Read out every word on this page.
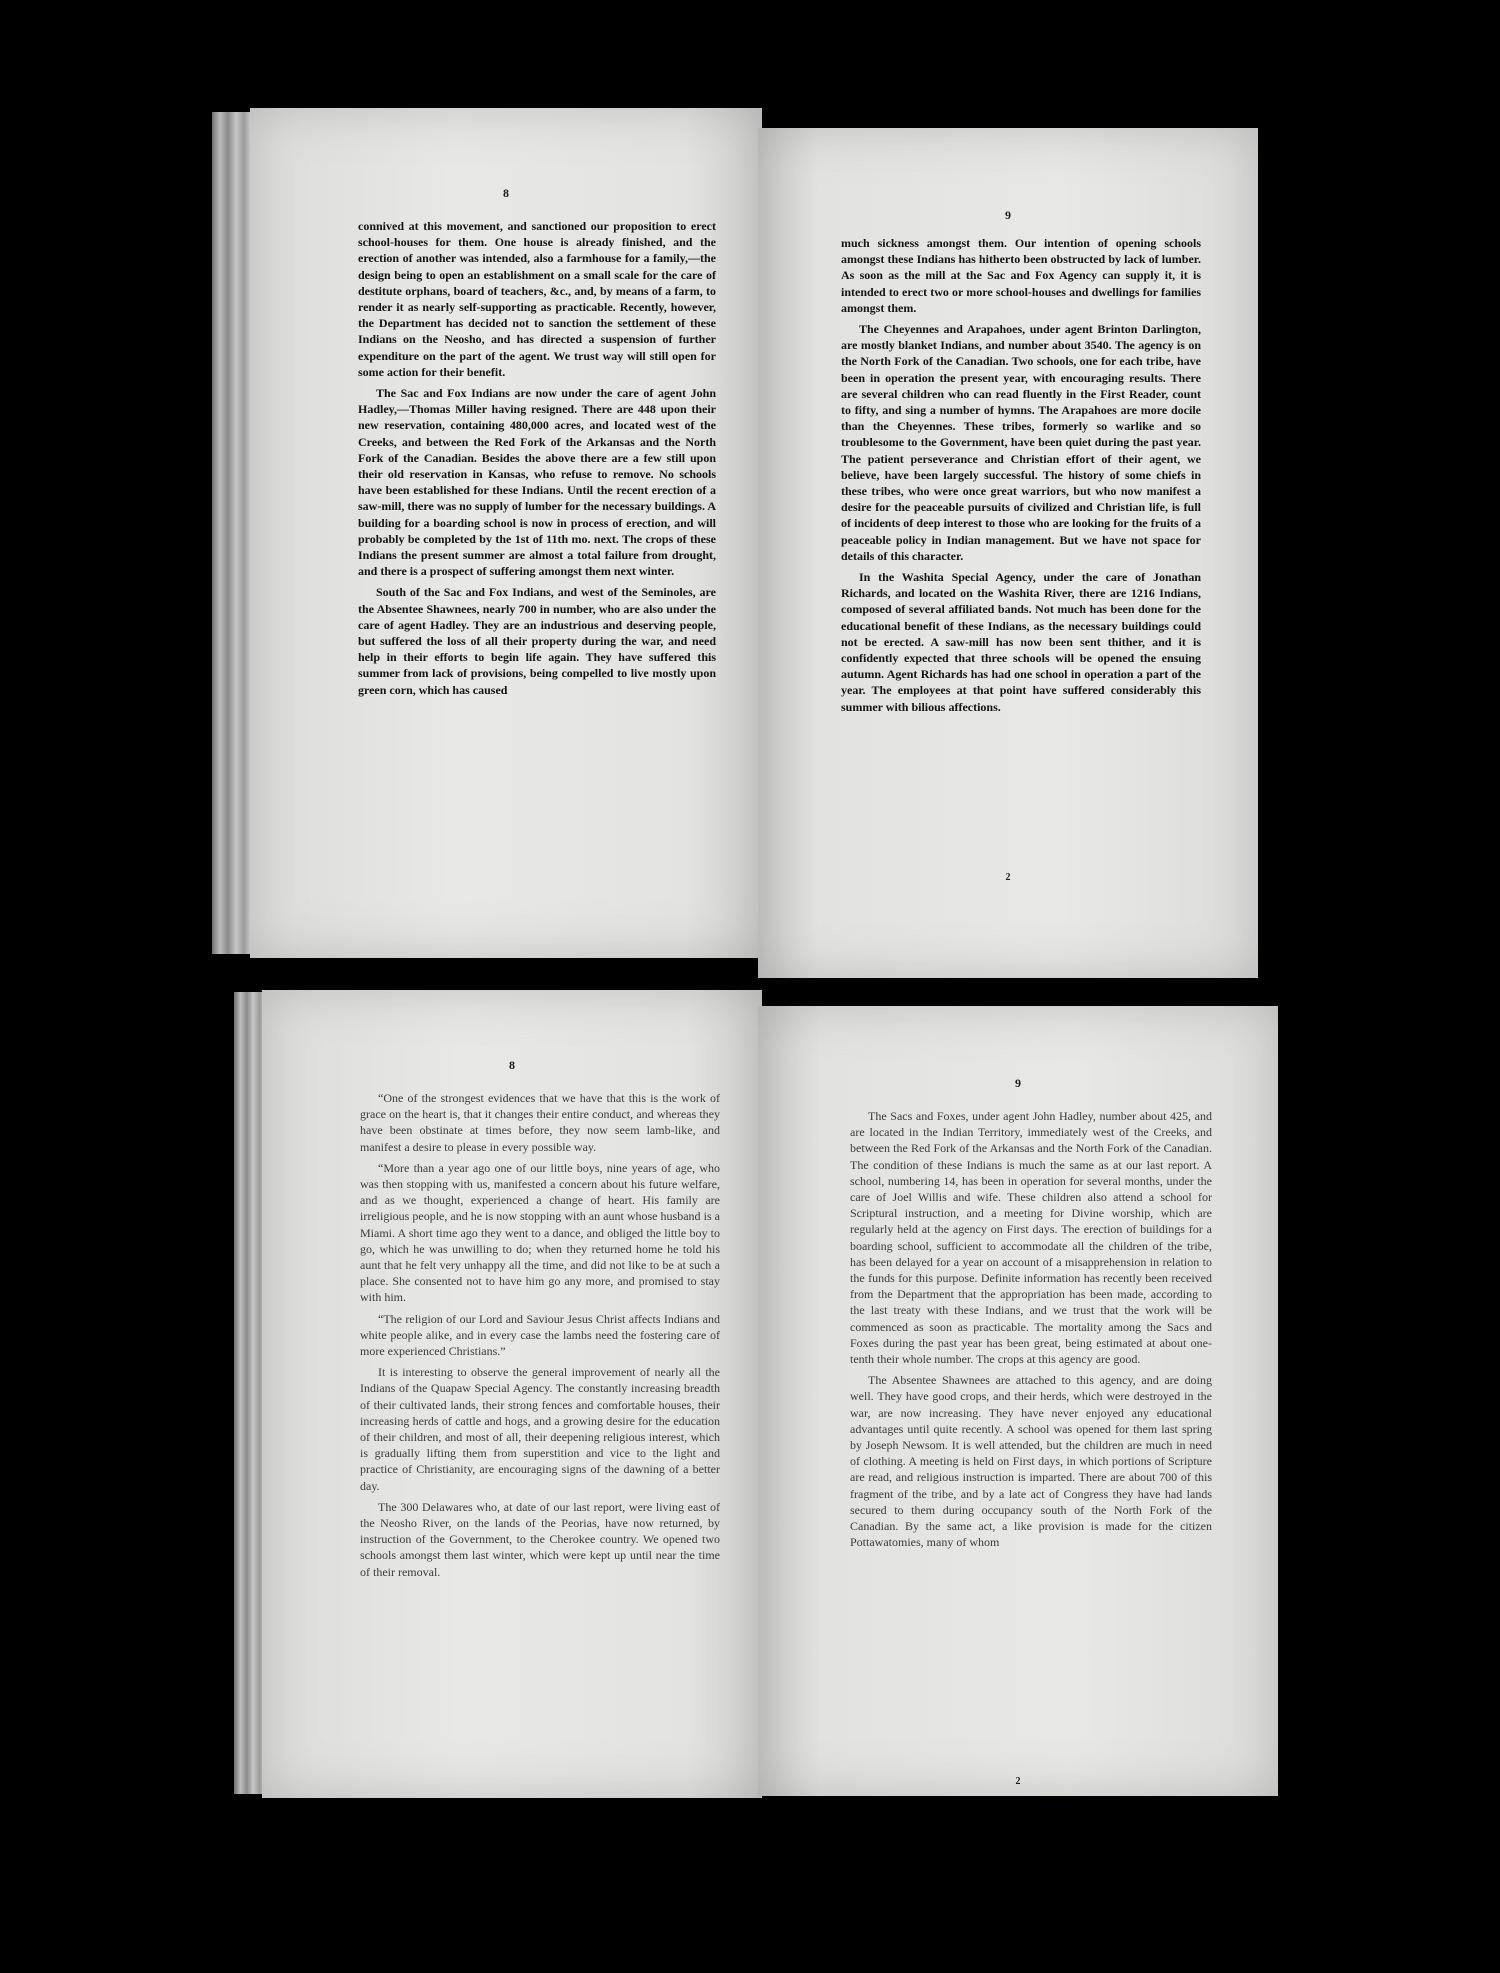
8

connived at this movement, and sanctioned our proposition to erect school-houses for them. One house is already finished, and the erection of another was intended, also a farmhouse for a family,—the design being to open an establishment on a small scale for the care of destitute orphans, board of teachers, &c., and, by means of a farm, to render it as nearly self-supporting as practicable. Recently, however, the Department has decided not to sanction the settlement of these Indians on the Neosho, and has directed a suspension of further expenditure on the part of the agent. We trust way will still open for some action for their benefit.

The Sac and Fox Indians are now under the care of agent John Hadley,—Thomas Miller having resigned. There are 448 upon their new reservation, containing 480,000 acres, and located west of the Creeks, and between the Red Fork of the Arkansas and the North Fork of the Canadian. Besides the above there are a few still upon their old reservation in Kansas, who refuse to remove. No schools have been established for these Indians. Until the recent erection of a saw-mill, there was no supply of lumber for the necessary buildings. A building for a boarding school is now in process of erection, and will probably be completed by the 1st of 11th mo. next. The crops of these Indians the present summer are almost a total failure from drought, and there is a prospect of suffering amongst them next winter.

South of the Sac and Fox Indians, and west of the Seminoles, are the Absentee Shawnees, nearly 700 in number, who are also under the care of agent Hadley. They are an industrious and deserving people, but suffered the loss of all their property during the war, and need help in their efforts to begin life again. They have suffered this summer from lack of provisions, being compelled to live mostly upon green corn, which has caused

9

much sickness amongst them. Our intention of opening schools amongst these Indians has hitherto been obstructed by lack of lumber. As soon as the mill at the Sac and Fox Agency can supply it, it is intended to erect two or more school-houses and dwellings for families amongst them.

The Cheyennes and Arapahoes, under agent Brinton Darlington, are mostly blanket Indians, and number about 3540. The agency is on the North Fork of the Canadian. Two schools, one for each tribe, have been in operation the present year, with encouraging results. There are several children who can read fluently in the First Reader, count to fifty, and sing a number of hymns. The Arapahoes are more docile than the Cheyennes. These tribes, formerly so warlike and so troublesome to the Government, have been quiet during the past year. The patient perseverance and Christian effort of their agent, we believe, have been largely successful. The history of some chiefs in these tribes, who were once great warriors, but who now manifest a desire for the peaceable pursuits of civilized and Christian life, is full of incidents of deep interest to those who are looking for the fruits of a peaceable policy in Indian management. But we have not space for details of this character.

In the Washita Special Agency, under the care of Jonathan Richards, and located on the Washita River, there are 1216 Indians, composed of several affiliated bands. Not much has been done for the educational benefit of these Indians, as the necessary buildings could not be erected. A saw-mill has now been sent thither, and it is confidently expected that three schools will be opened the ensuing autumn. Agent Richards has had one school in operation a part of the year. The employees at that point have suffered considerably this summer with bilious affections.

2
8

“One of the strongest evidences that we have that this is the work of grace on the heart is, that it changes their entire conduct, and whereas they have been obstinate at times before, they now seem lamb-like, and manifest a desire to please in every possible way.

“More than a year ago one of our little boys, nine years of age, who was then stopping with us, manifested a concern about his future welfare, and as we thought, experienced a change of heart. His family are irreligious people, and he is now stopping with an aunt whose husband is a Miami. A short time ago they went to a dance, and obliged the little boy to go, which he was unwilling to do; when they returned home he told his aunt that he felt very unhappy all the time, and did not like to be at such a place. She consented not to have him go any more, and promised to stay with him.

“The religion of our Lord and Saviour Jesus Christ affects Indians and white people alike, and in every case the lambs need the fostering care of more experienced Christians.”

It is interesting to observe the general improvement of nearly all the Indians of the Quapaw Special Agency. The constantly increasing breadth of their cultivated lands, their strong fences and comfortable houses, their increasing herds of cattle and hogs, and a growing desire for the education of their children, and most of all, their deepening religious interest, which is gradually lifting them from superstition and vice to the light and practice of Christianity, are encouraging signs of the dawning of a better day.

The 300 Delawares who, at date of our last report, were living east of the Neosho River, on the lands of the Peorias, have now returned, by instruction of the Government, to the Cherokee country. We opened two schools amongst them last winter, which were kept up until near the time of their removal.

9

The Sacs and Foxes, under agent John Hadley, number about 425, and are located in the Indian Territory, immediately west of the Creeks, and between the Red Fork of the Arkansas and the North Fork of the Canadian. The condition of these Indians is much the same as at our last report. A school, numbering 14, has been in operation for several months, under the care of Joel Willis and wife. These children also attend a school for Scriptural instruction, and a meeting for Divine worship, which are regularly held at the agency on First days. The erection of buildings for a boarding school, sufficient to accommodate all the children of the tribe, has been delayed for a year on account of a misapprehension in relation to the funds for this purpose. Definite information has recently been received from the Department that the appropriation has been made, according to the last treaty with these Indians, and we trust that the work will be commenced as soon as practicable. The mortality among the Sacs and Foxes during the past year has been great, being estimated at about one-tenth their whole number. The crops at this agency are good.

The Absentee Shawnees are attached to this agency, and are doing well. They have good crops, and their herds, which were destroyed in the war, are now increasing. They have never enjoyed any educational advantages until quite recently. A school was opened for them last spring by Joseph Newsom. It is well attended, but the children are much in need of clothing. A meeting is held on First days, in which portions of Scripture are read, and religious instruction is imparted. There are about 700 of this fragment of the tribe, and by a late act of Congress they have had lands secured to them during occupancy south of the North Fork of the Canadian. By the same act, a like provision is made for the citizen Pottawatomies, many of whom

2
